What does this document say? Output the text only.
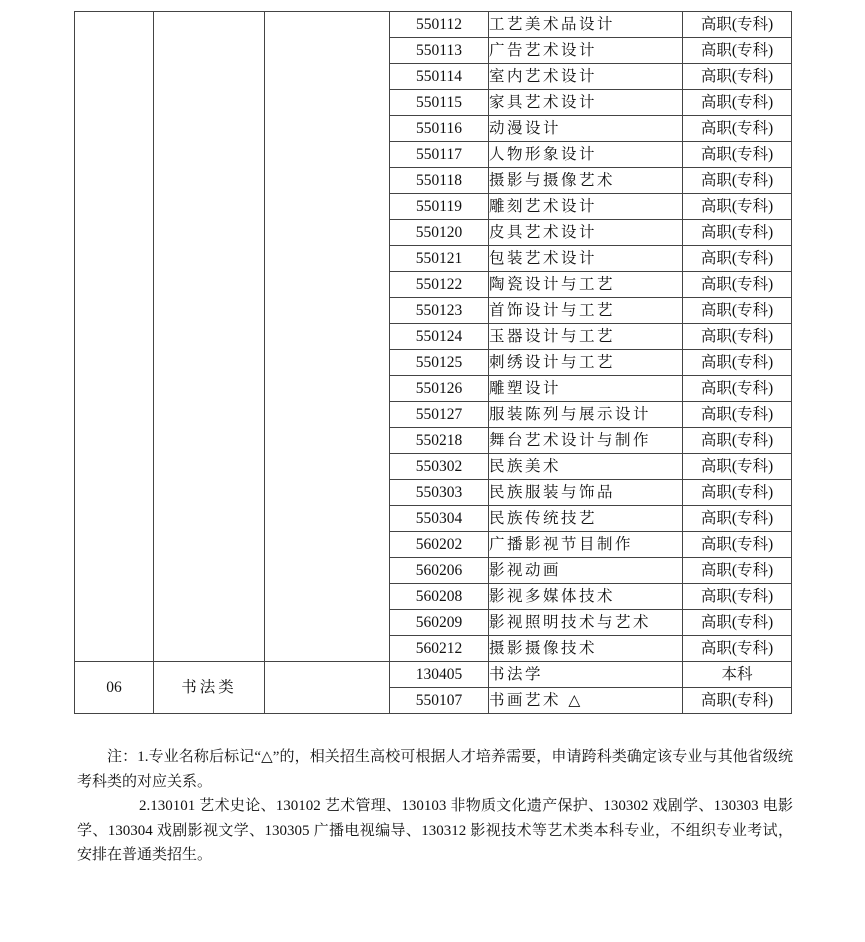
			550112	工艺美术品设计	高职(专科)
			550113	广告艺术设计	高职(专科)
			550114	室内艺术设计	高职(专科)
			550115	家具艺术设计	高职(专科)
			550116	动漫设计	高职(专科)
			550117	人物形象设计	高职(专科)
			550118	摄影与摄像艺术	高职(专科)
			550119	雕刻艺术设计	高职(专科)
			550120	皮具艺术设计	高职(专科)
			550121	包装艺术设计	高职(专科)
			550122	陶瓷设计与工艺	高职(专科)
			550123	首饰设计与工艺	高职(专科)
			550124	玉器设计与工艺	高职(专科)
			550125	刺绣设计与工艺	高职(专科)
			550126	雕塑设计	高职(专科)
			550127	服装陈列与展示设计	高职(专科)
			550218	舞台艺术设计与制作	高职(专科)
			550302	民族美术	高职(专科)
			550303	民族服装与饰品	高职(专科)
			550304	民族传统技艺	高职(专科)
			560202	广播影视节目制作	高职(专科)
			560206	影视动画	高职(专科)
			560208	影视多媒体技术	高职(专科)
			560209	影视照明技术与艺术	高职(专科)
			560212	摄影摄像技术	高职(专科)
06	书法类		130405	书法学	本科
			550107	书画艺术 △	高职(专科)

注：1.专业名称后标记“△”的，相关招生高校可根据人才培养需要，申请跨科类确定该专业与其他省级统考科类的对应关系。

2.130101 艺术史论、130102 艺术管理、130103 非物质文化遗产保护、130302 戏剧学、130303 电影学、130304 戏剧影视文学、130305 广播电视编导、130312 影视技术等艺术类本科专业，不组织专业考试，安排在普通类招生。
